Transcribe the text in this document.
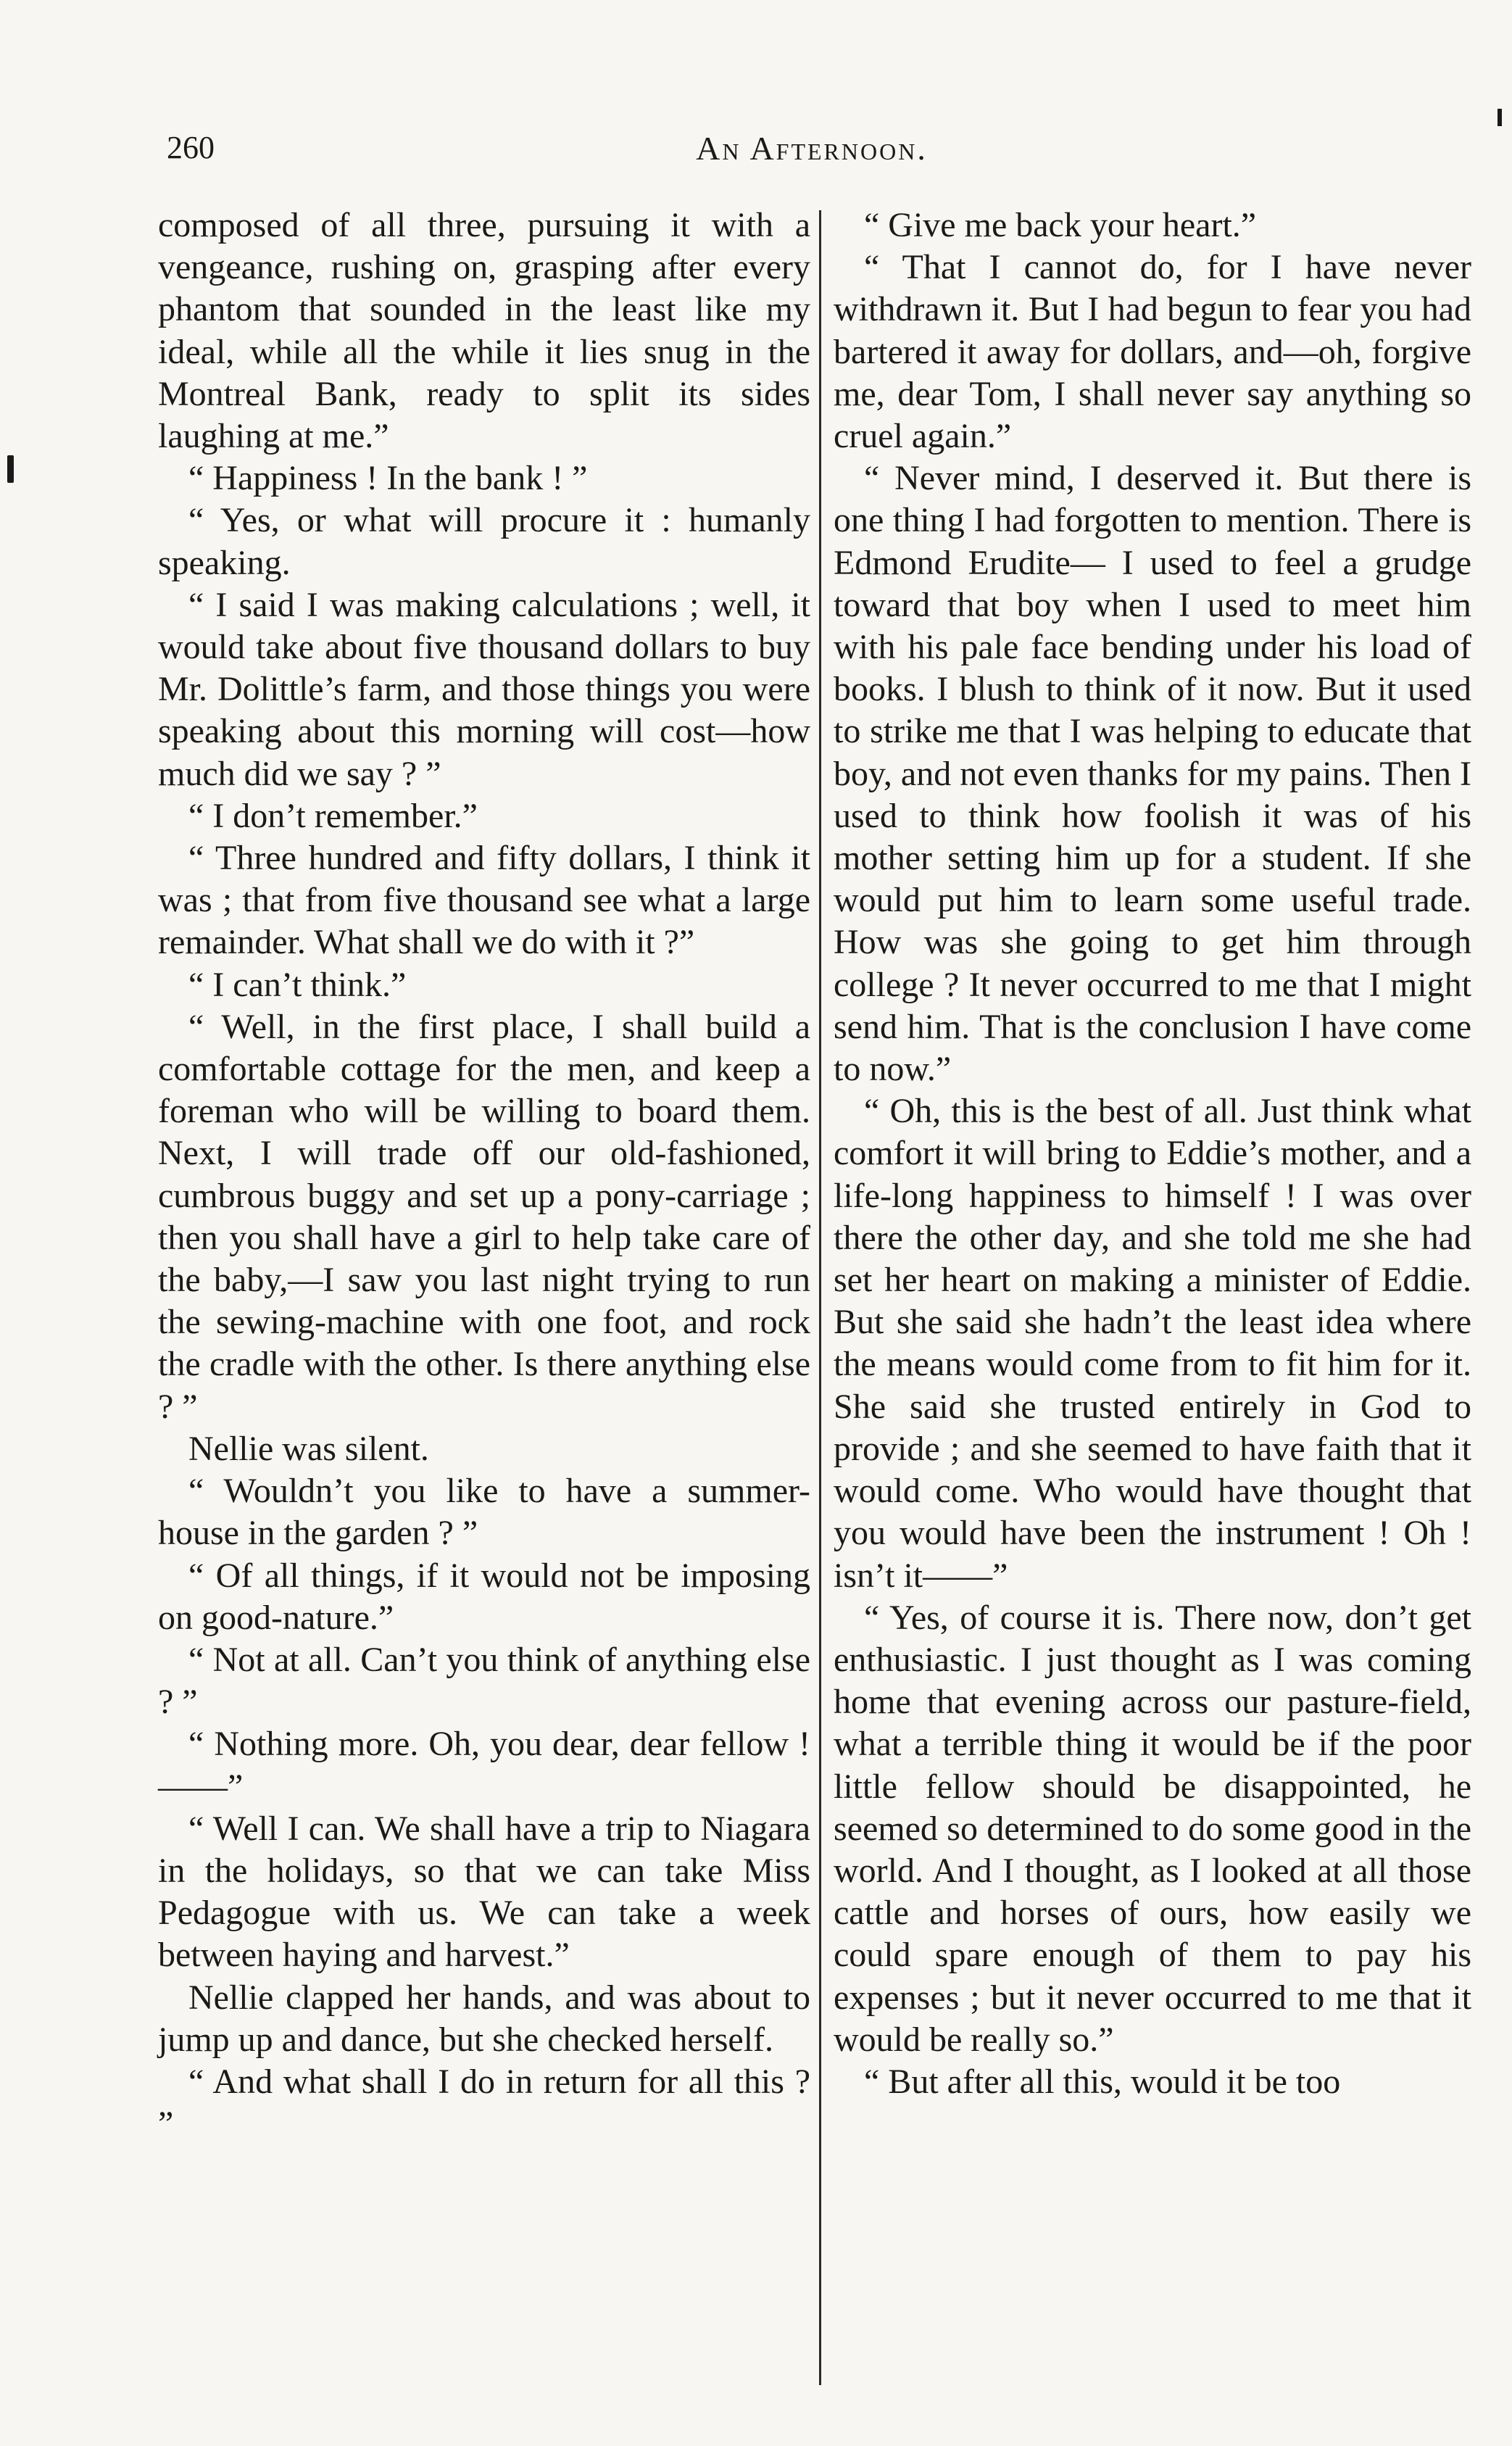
260	An Afternoon.

composed of all three, pursuing it with a vengeance, rushing on, grasping after every phantom that sounded in the least like my ideal, while all the while it lies snug in the Montreal Bank, ready to split its sides laughing at me.”

“ Happiness ! In the bank ! ”

“ Yes, or what will procure it : humanly speaking.

“ I said I was making calculations ; well, it would take about five thousand dollars to buy Mr. Dolittle’s farm, and those things you were speaking about this morning will cost—how much did we say ? ”

“ I don’t remember.”

“ Three hundred and fifty dollars, I think it was ; that from five thousand see what a large remainder. What shall we do with it ?”

“ I can’t think.”

“ Well, in the first place, I shall build a comfortable cottage for the men, and keep a foreman who will be willing to board them. Next, I will trade off our old-fashioned, cumbrous buggy and set up a pony-carriage ; then you shall have a girl to help take care of the baby,—I saw you last night trying to run the sewing-machine with one foot, and rock the cradle with the other. Is there anything else ? ”

Nellie was silent.

“ Wouldn’t you like to have a summer-house in the garden ? ”

“ Of all things, if it would not be imposing on good-nature.”

“ Not at all. Can’t you think of anything else ? ”

“ Nothing more. Oh, you dear, dear fellow !——”

“ Well I can. We shall have a trip to Niagara in the holidays, so that we can take Miss Pedagogue with us. We can take a week between haying and harvest.”

Nellie clapped her hands, and was about to jump up and dance, but she checked herself.

“ And what shall I do in return for all this ? ”

“ Give me back your heart.”

“ That I cannot do, for I have never withdrawn it. But I had begun to fear you had bartered it away for dollars, and—oh, forgive me, dear Tom, I shall never say anything so cruel again.”

“ Never mind, I deserved it. But there is one thing I had forgotten to mention. There is Edmond Erudite— I used to feel a grudge toward that boy when I used to meet him with his pale face bending under his load of books. I blush to think of it now. But it used to strike me that I was helping to educate that boy, and not even thanks for my pains. Then I used to think how foolish it was of his mother setting him up for a student. If she would put him to learn some useful trade. How was she going to get him through college ? It never occurred to me that I might send him. That is the conclusion I have come to now.”

“ Oh, this is the best of all. Just think what comfort it will bring to Eddie’s mother, and a life-long happiness to himself ! I was over there the other day, and she told me she had set her heart on making a minister of Eddie. But she said she hadn’t the least idea where the means would come from to fit him for it. She said she trusted entirely in God to provide ; and she seemed to have faith that it would come. Who would have thought that you would have been the instrument ! Oh ! isn’t it——”

“ Yes, of course it is. There now, don’t get enthusiastic. I just thought as I was coming home that evening across our pasture-field, what a terrible thing it would be if the poor little fellow should be disappointed, he seemed so determined to do some good in the world. And I thought, as I looked at all those cattle and horses of ours, how easily we could spare enough of them to pay his expenses ; but it never occurred to me that it would be really so.”

“ But after all this, would it be too
